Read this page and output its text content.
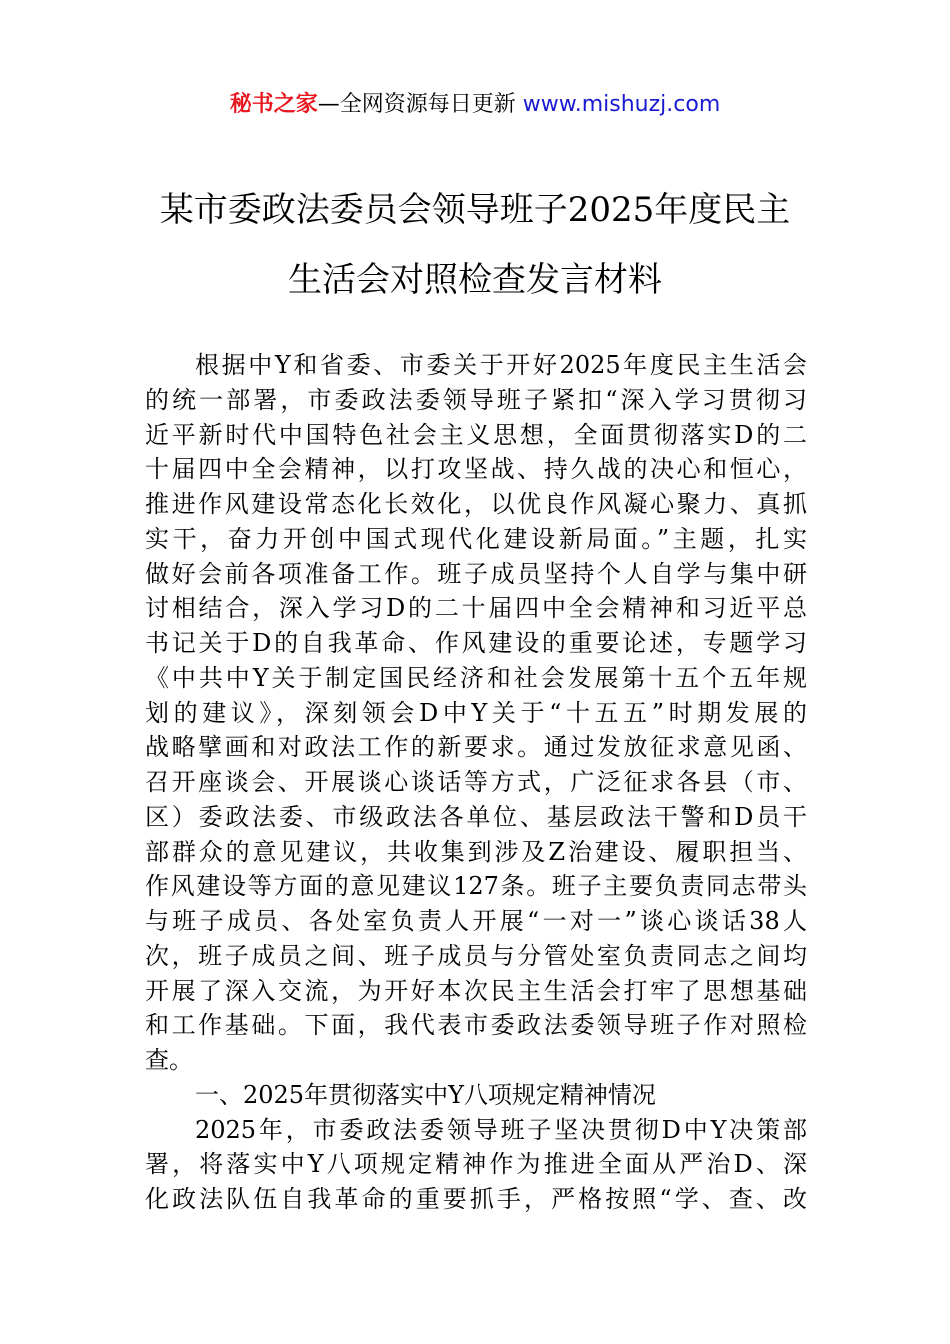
秘书之家—全网资源每日更新 www.mishuzj.com
某市委政法委员会领导班子2025年度民主
生活会对照检查发言材料
根据中Y和省委、市委关于开好2025年度民主生活会
的统一部署，市委政法委领导班子紧扣“深入学习贯彻习
近平新时代中国特色社会主义思想，全面贯彻落实D的二
十届四中全会精神，以打攻坚战、持久战的决心和恒心，
推进作风建设常态化长效化，以优良作风凝心聚力、真抓
实干，奋力开创中国式现代化建设新局面。”主题，扎实
做好会前各项准备工作。班子成员坚持个人自学与集中研
讨相结合，深入学习D的二十届四中全会精神和习近平总
书记关于D的自我革命、作风建设的重要论述，专题学习
《中共中Y关于制定国民经济和社会发展第十五个五年规
划的建议》，深刻领会D中Y关于“十五五”时期发展的
战略擘画和对政法工作的新要求。通过发放征求意见函、
召开座谈会、开展谈心谈话等方式，广泛征求各县（市、
区）委政法委、市级政法各单位、基层政法干警和D员干
部群众的意见建议，共收集到涉及Z治建设、履职担当、
作风建设等方面的意见建议127条。班子主要负责同志带头
与班子成员、各处室负责人开展“一对一”谈心谈话38人
次，班子成员之间、班子成员与分管处室负责同志之间均
开展了深入交流，为开好本次民主生活会打牢了思想基础
和工作基础。下面，我代表市委政法委领导班子作对照检
查。
一、2025年贯彻落实中Y八项规定精神情况
2025年，市委政法委领导班子坚决贯彻D中Y决策部
署，将落实中Y八项规定精神作为推进全面从严治D、深
化政法队伍自我革命的重要抓手，严格按照“学、查、改
